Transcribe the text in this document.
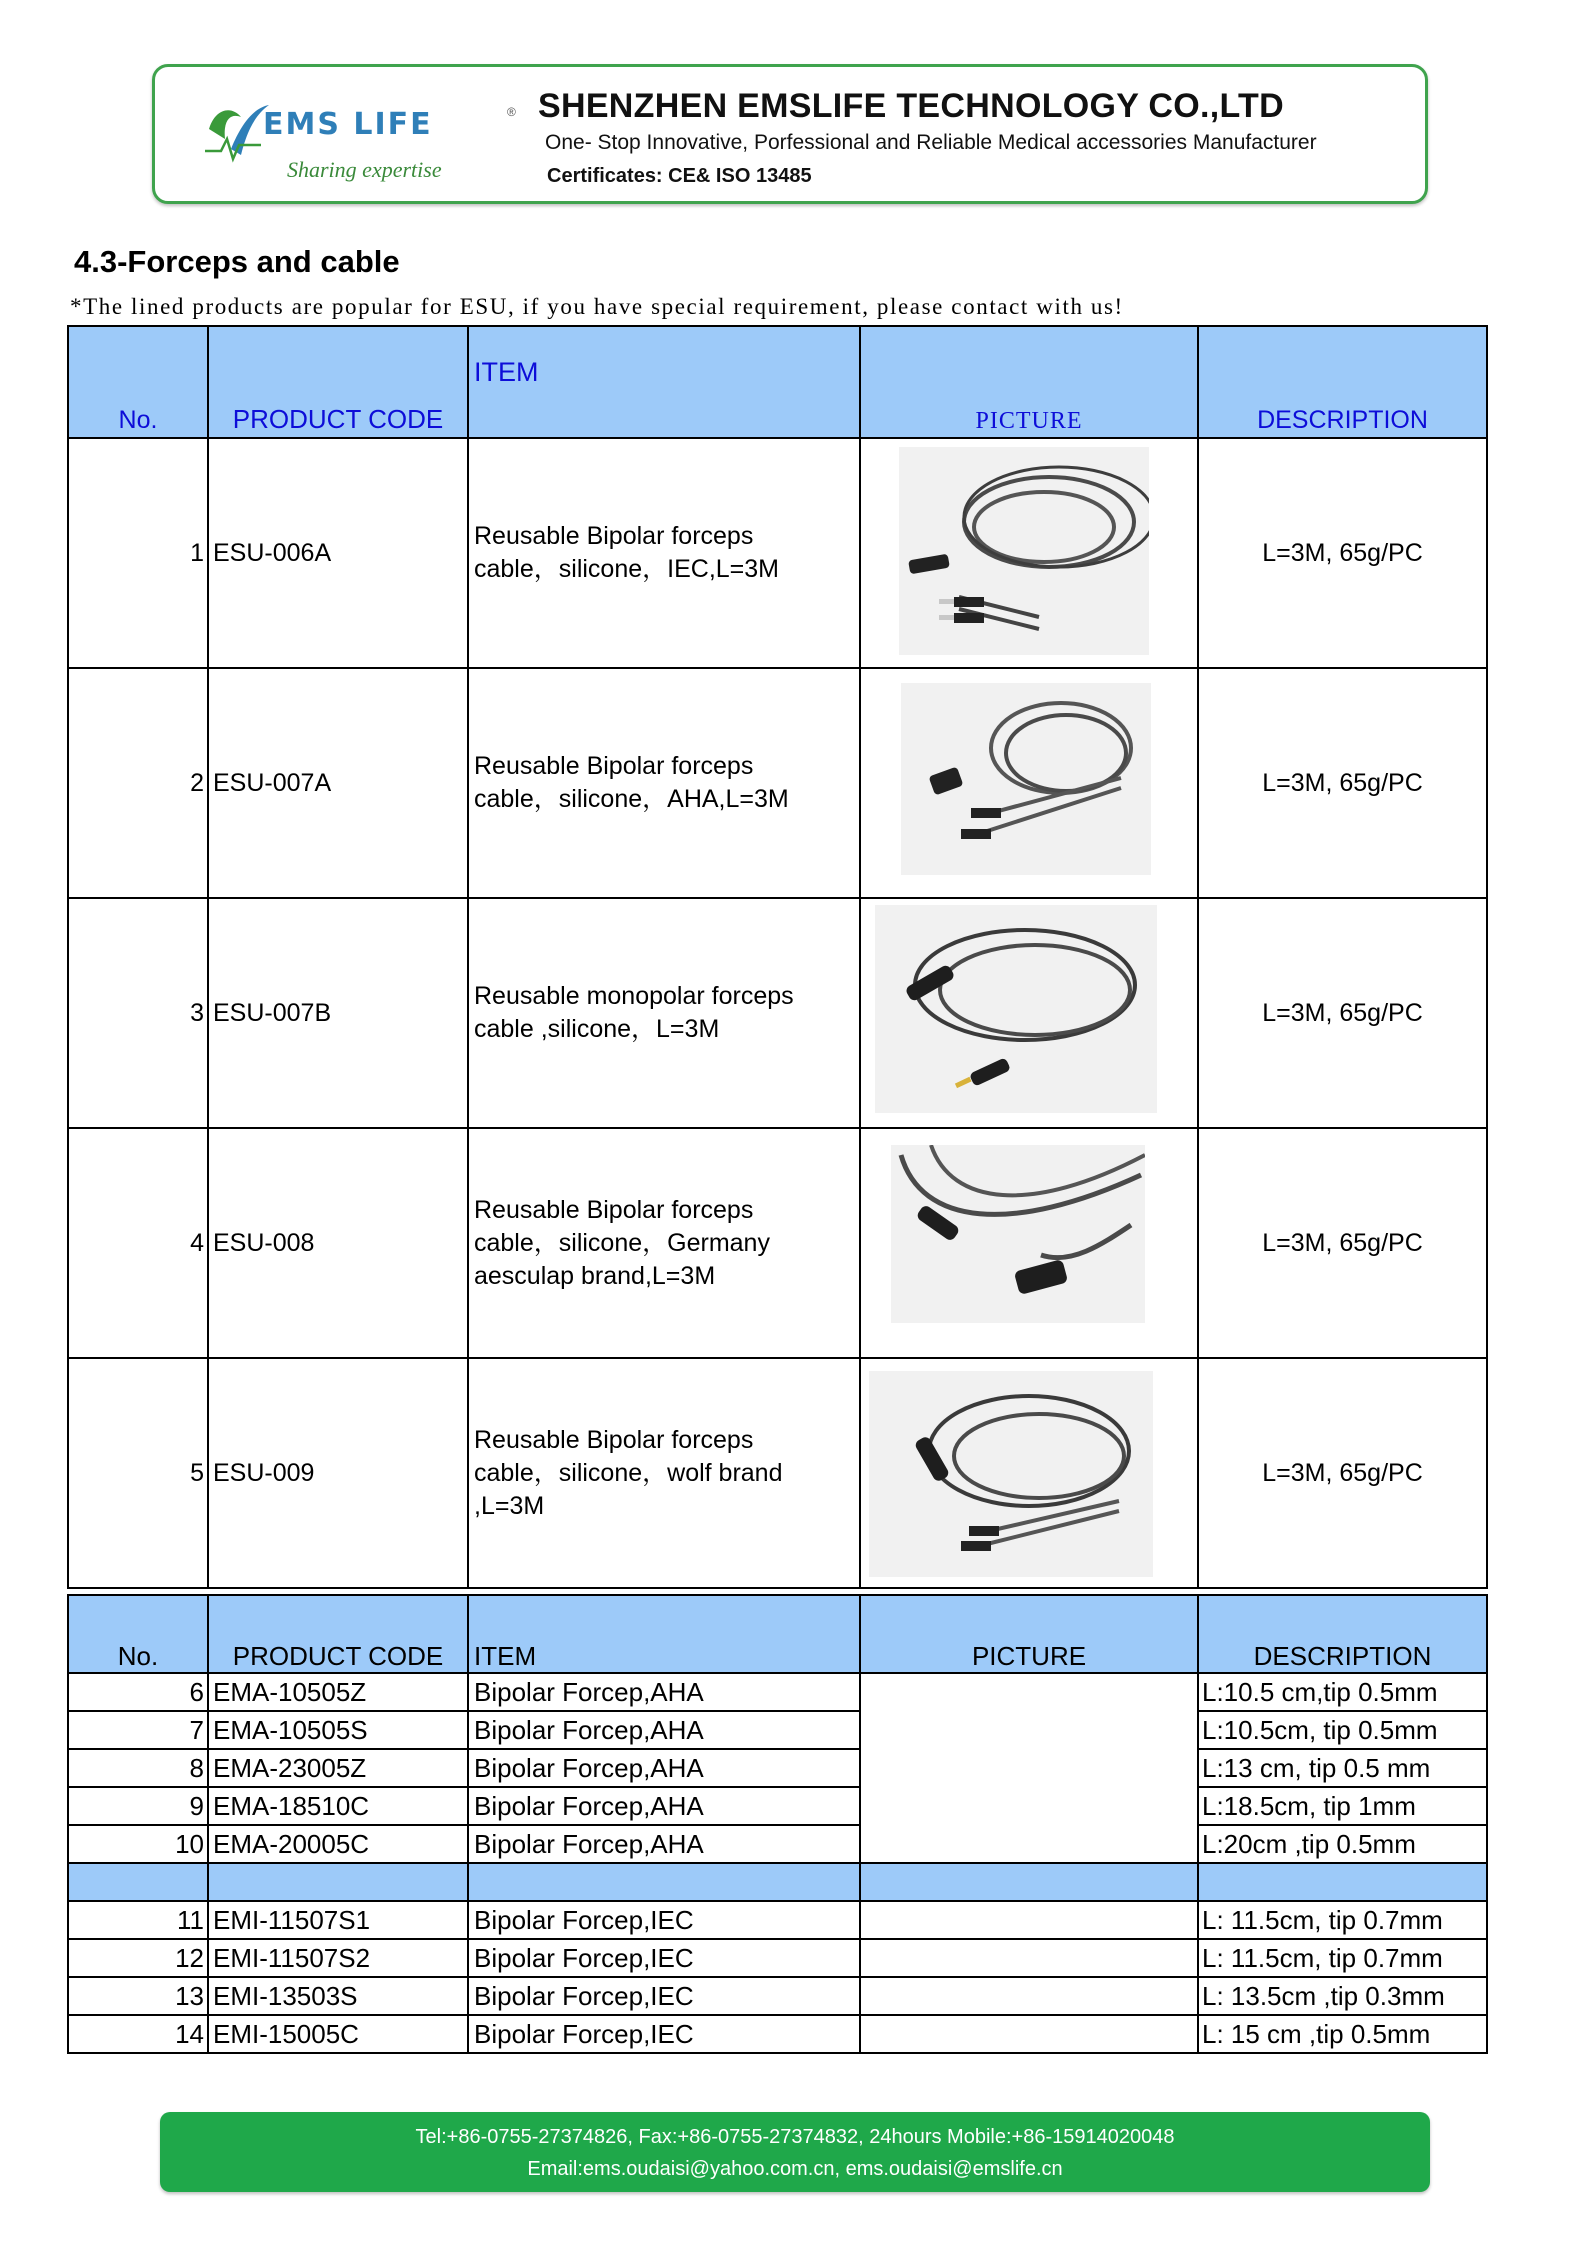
EMS LIFE	®
Sharing expertise
SHENZHEN EMSLIFE TECHNOLOGY CO.,LTD
One- Stop Innovative, Porfessional and Reliable Medical accessories Manufacturer
Certificates: CE& ISO 13485
4.3-Forceps and cable
*The lined products are popular for ESU, if you have special requirement, please contact with us!
No.	PRODUCT CODE	ITEM	PICTURE	DESCRIPTION
1	ESU-006A	Reusable Bipolar forceps
cable，silicone，IEC,L=3M		L=3M, 65g/PC
2	ESU-007A	Reusable Bipolar forceps
cable，silicone，AHA,L=3M		L=3M, 65g/PC
3	ESU-007B	Reusable monopolar forceps
cable ,silicone，L=3M		L=3M, 65g/PC
4	ESU-008	Reusable Bipolar forceps
cable，silicone，Germany
aesculap brand,L=3M		L=3M, 65g/PC
5	ESU-009	Reusable Bipolar forceps
cable，silicone，wolf brand
,L=3M		L=3M, 65g/PC
No.	PRODUCT CODE	ITEM	PICTURE	DESCRIPTION
6	EMA-10505Z	Bipolar Forcep,AHA		L:10.5 cm,tip 0.5mm
7	EMA-10505S	Bipolar Forcep,AHA		L:10.5cm, tip 0.5mm
8	EMA-23005Z	Bipolar Forcep,AHA		L:13 cm, tip 0.5 mm
9	EMA-18510C	Bipolar Forcep,AHA		L:18.5cm, tip 1mm
10	EMA-20005C	Bipolar Forcep,AHA		L:20cm ,tip 0.5mm

11	EMI-11507S1	Bipolar Forcep,IEC		L: 11.5cm, tip 0.7mm
12	EMI-11507S2	Bipolar Forcep,IEC		L: 11.5cm, tip 0.7mm
13	EMI-13503S	Bipolar Forcep,IEC		L: 13.5cm ,tip 0.3mm
14	EMI-15005C	Bipolar Forcep,IEC		L: 15 cm ,tip 0.5mm
Tel:+86-0755-27374826, Fax:+86-0755-27374832, 24hours Mobile:+86-15914020048
Email:ems.oudaisi@yahoo.com.cn, ems.oudaisi@emslife.cn
